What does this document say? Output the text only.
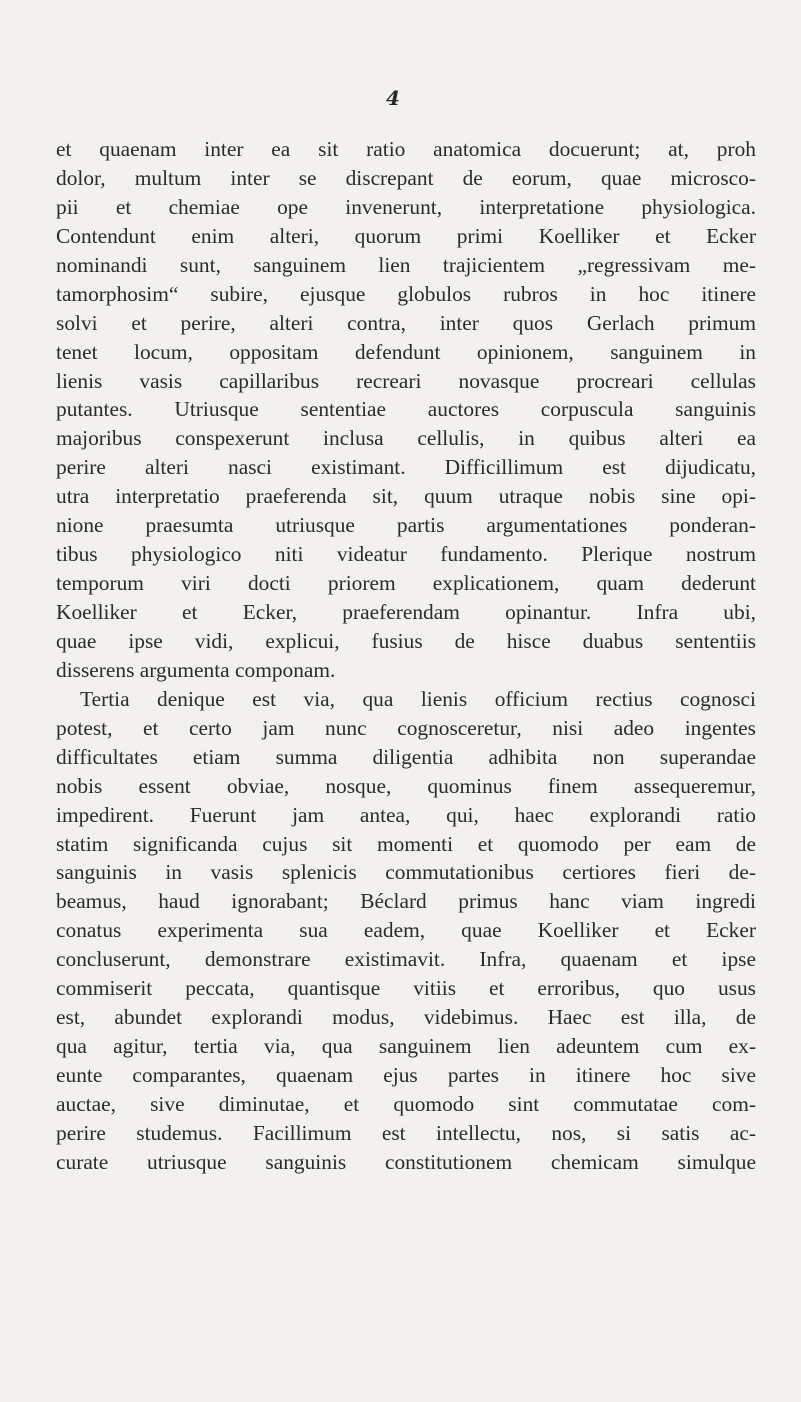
4
et quaenam inter ea sit ratio anatomica docuerunt; at, proh
dolor, multum inter se discrepant de eorum, quae microsco-
pii et chemiae ope invenerunt, interpretatione physiologica.
Contendunt enim alteri, quorum primi Koelliker et Ecker
nominandi sunt, sanguinem lien trajicientem „regressivam me-
tamorphosim“ subire, ejusque globulos rubros in hoc itinere
solvi et perire, alteri contra, inter quos Gerlach primum
tenet locum, oppositam defendunt opinionem, sanguinem in
lienis vasis capillaribus recreari novasque procreari cellulas
putantes. Utriusque sententiae auctores corpuscula sanguinis
majoribus conspexerunt inclusa cellulis, in quibus alteri ea
perire alteri nasci existimant. Difficillimum est dijudicatu,
utra interpretatio praeferenda sit, quum utraque nobis sine opi-
nione praesumta utriusque partis argumentationes ponderan-
tibus physiologico niti videatur fundamento. Plerique nostrum
temporum viri docti priorem explicationem, quam dederunt
Koelliker et Ecker, praeferendam opinantur. Infra ubi,
quae ipse vidi, explicui, fusius de hisce duabus sententiis
disserens argumenta componam.
Tertia denique est via, qua lienis officium rectius cognosci
potest, et certo jam nunc cognosceretur, nisi adeo ingentes
difficultates etiam summa diligentia adhibita non superandae
nobis essent obviae, nosque, quominus finem assequeremur,
impedirent. Fuerunt jam antea, qui, haec explorandi ratio
statim significanda cujus sit momenti et quomodo per eam de
sanguinis in vasis splenicis commutationibus certiores fieri de-
beamus, haud ignorabant; Béclard primus hanc viam ingredi
conatus experimenta sua eadem, quae Koelliker et Ecker
concluserunt, demonstrare existimavit. Infra, quaenam et ipse
commiserit peccata, quantisque vitiis et erroribus, quo usus
est, abundet explorandi modus, videbimus. Haec est illa, de
qua agitur, tertia via, qua sanguinem lien adeuntem cum ex-
eunte comparantes, quaenam ejus partes in itinere hoc sive
auctae, sive diminutae, et quomodo sint commutatae com-
perire studemus. Facillimum est intellectu, nos, si satis ac-
curate utriusque sanguinis constitutionem chemicam simulque
